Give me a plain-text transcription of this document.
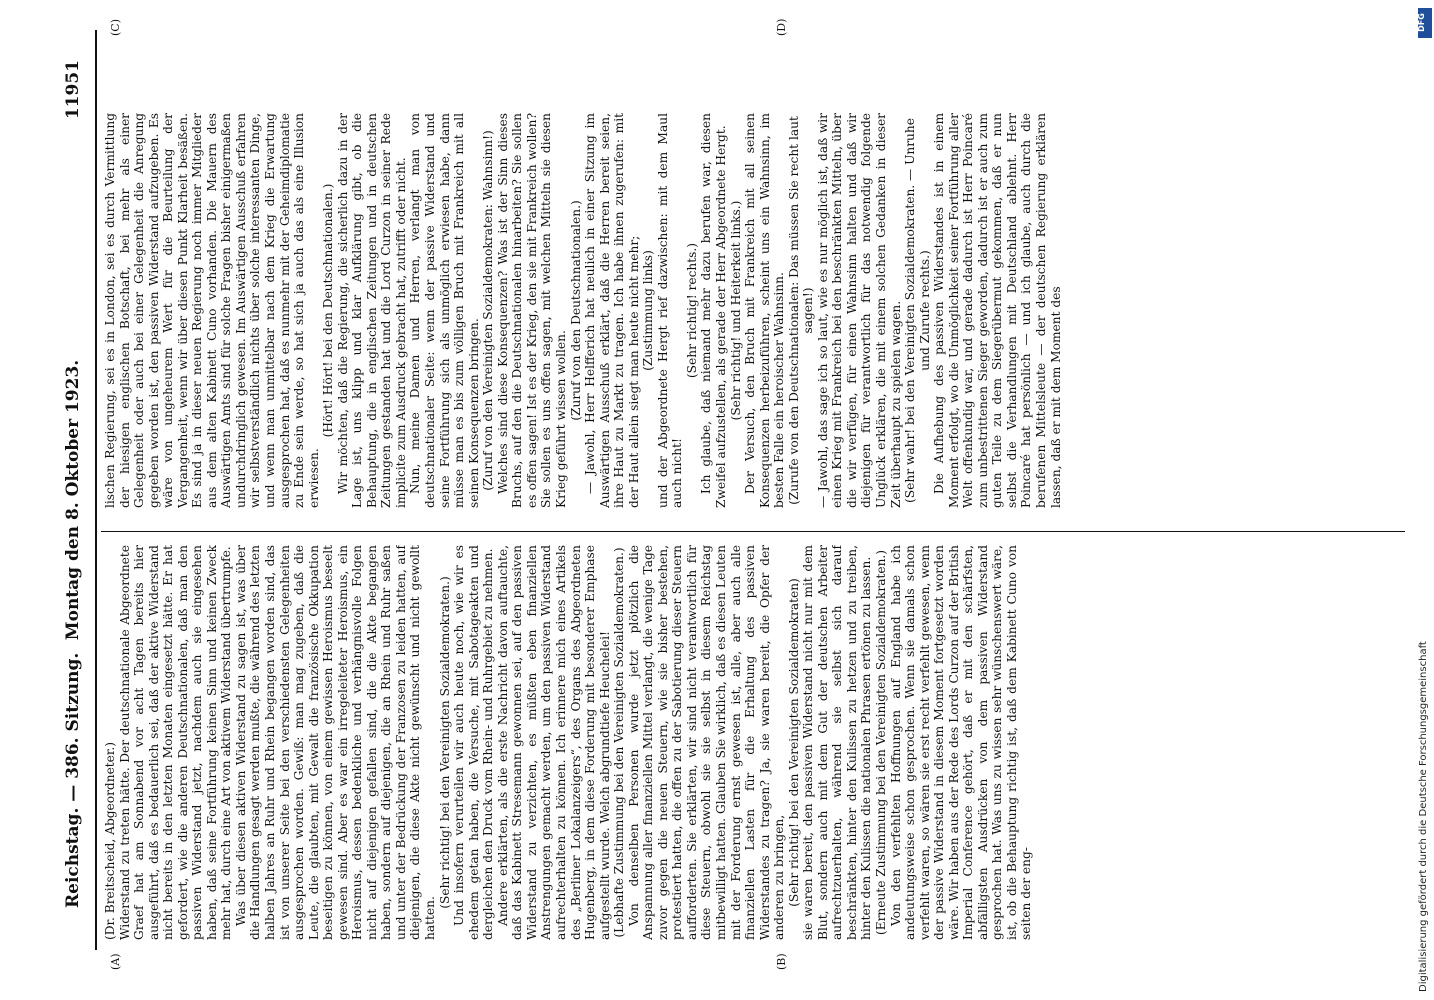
Reichstag. — 386. Sitzung.
Montag den 8. Oktober 1923.
11951
(A)	(B)
(C)	(D)

(Dr. Breitscheid, Abgeordneter.) Widerstand zu treten hätte. Der deutschnationale Abgeordnete Graef hat am Sonnabend vor acht Tagen bereits hier ausgeführt, daß es bedauerlich sei, daß der aktive Widerstand nicht bereits in den letzten Monaten eingesetzt hätte. Er hat gefordert, wie die anderen Deutschnationalen, daß man den passiven Widerstand jetzt, nachdem auch sie eingesehen haben, daß seine Fortführung keinen Sinn und keinen Zweck mehr hat, durch eine Art von aktivem Widerstand übertrumpfe. Was über diesen aktiven Widerstand zu sagen ist, was über die Handlungen gesagt werden mußte, die während des letzten halben Jahres an Ruhr und Rhein begangen worden sind, das ist von unserer Seite bei den verschiedensten Gelegenheiten ausgesprochen worden. Gewiß: man mag zugeben, daß die Leute, die glaubten, mit Gewalt die französische Okkupation beseitigen zu können, von einem gewissen Heroismus beseelt gewesen sind. Aber es war ein irregeleiteter Heroismus, ein Heroismus, dessen bedenkliche und verhängnisvolle Folgen nicht auf diejenigen gefallen sind, die die Akte begangen haben, sondern auf diejenigen, die an Rhein und Ruhr saßen und unter der Bedrückung der Franzosen zu leiden hatten, auf diejenigen, die diese Akte nicht gewünscht und nicht gewollt hatten.

(Sehr richtig! bei den Vereinigten Sozialdemokraten.) Und insofern verurteilen wir auch heute noch, wie wir es ehedem getan haben, die Versuche, mit Sabotageakten und dergleichen den Druck vom Rhein- und Ruhrgebiet zu nehmen. Andere erklärten, als die erste Nachricht davon auftauchte, daß das Kabinett Stresemann gewonnen sei, auf den passiven Widerstand zu verzichten, es müßten eben finanziellen Anstrengungen gemacht werden, um den passiven Widerstand aufrechterhalten zu können. Ich erinnere mich eines Artikels des „Berliner Lokalanzeigers“, des Organs des Abgeordneten Hugenberg, in dem diese Forderung mit besonderer Emphase aufgestellt wurde. Welch abgrundtiefe Heuchelei! (Lebhafte Zustimmung bei den Vereinigten Sozialdemokraten.) Von denselben Personen wurde jetzt plötzlich die Anspannung aller finanziellen Mittel verlangt, die wenige Tage zuvor gegen die neuen Steuern, wie sie bisher bestehen, protestiert hatten, die offen zu der Sabotierung dieser Steuern aufforderten. Sie erklärten, wir sind nicht verantwortlich für diese Steuern, obwohl sie sie selbst in diesem Reichstag mitbewilligt hatten. Glauben Sie wirklich, daß es diesen Leuten mit der Forderung ernst gewesen ist, alle, aber auch alle finanziellen Lasten für die Erhaltung des passiven Widerstandes zu tragen? Ja, sie waren bereit, die Opfer der anderen zu bringen, (Sehr richtig! bei den Vereinigten Sozialdemokraten) sie waren bereit, den passiven Widerstand nicht nur mit dem Blut, sondern auch mit dem Gut der deutschen Arbeiter aufrechtzuerhalten, während sie selbst sich darauf beschränkten, hinter den Kulissen zu hetzen und zu treiben, hinter den Kulissen die nationalen Phrasen ertönen zu lassen. (Erneute Zustimmung bei den Vereinigten Sozialdemokraten.) Von den verfehlten Hoffnungen auf England habe ich andeutungsweise schon gesprochen. Wenn sie damals schon verfehlt waren, so wären sie erst recht verfehlt gewesen, wenn der passive Widerstand in diesem Moment fortgesetzt worden wäre. Wir haben aus der Rede des Lords Curzon auf der British Imperial Conference gehört, daß er mit den schärfsten, abfälligsten Ausdrücken von dem passiven Widerstand gesprochen hat. Was uns zu wissen sehr wünschenswert wäre, ist, ob die Behauptung richtig ist, daß dem Kabinett Cuno von seiten der eng-

lischen Regierung, sei es in London, sei es durch Vermittlung der hiesigen englischen Botschaft, bei mehr als einer Gelegenheit oder auch bei einer Gelegenheit die Anregung gegeben worden ist, den passiven Widerstand aufzugeben. Es wäre von ungeheurem Wert für die Beurteilung der Vergangenheit, wenn wir über diesen Punkt Klarheit besäßen. Es sind ja in dieser neuen Regierung noch immer Mitglieder aus dem alten Kabinett Cuno vorhanden. Die Mauern des Auswärtigen Amts sind für solche Fragen bisher einigermaßen undurchdringlich gewesen. Im Auswärtigen Ausschuß erfahren wir selbstverständlich nichts über solche interessanten Dinge, und wenn man unmittelbar nach dem Krieg die Erwartung ausgesprochen hat, daß es nunmehr mit der Geheimdiplomatie zu Ende sein werde, so hat sich ja auch das als eine Illusion erwiesen.

(Hört! Hört! bei den Deutschnationalen.) Wir möchten, daß die Regierung, die sicherlich dazu in der Lage ist, uns klipp und klar Aufklärung gibt, ob die Behauptung, die in englischen Zeitungen und in deutschen Zeitungen gestanden hat und die Lord Curzon in seiner Rede implicite zum Ausdruck gebracht hat, zutrifft oder nicht. Nun, meine Damen und Herren, verlangt man von deutschnationaler Seite: wenn der passive Widerstand und seine Fortführung sich als unmöglich erwiesen habe, dann müsse man es bis zum völligen Bruch mit Frankreich mit all seinen Konsequenzen bringen. (Zuruf von den Vereinigten Sozialdemokraten: Wahnsinn!) Welches sind diese Konsequenzen? Was ist der Sinn dieses Bruchs, auf den die Deutschnationalen hinarbeiten? Sie sollen es offen sagen! Ist es der Krieg, den sie mit Frankreich wollen? Sie sollen es uns offen sagen, mit welchen Mitteln sie diesen Krieg geführt wissen wollen. (Zuruf von den Deutschnationalen.) — Jawohl, Herr Helfferich hat neulich in einer Sitzung im Auswärtigen Ausschuß erklärt, daß die Herren bereit seien, ihre Haut zu Markt zu tragen. Ich habe ihnen zugerufen: mit der Haut allein siegt man heute nicht mehr; (Zustimmung links) und der Abgeordnete Hergt rief dazwischen: mit dem Maul auch nicht!

(Sehr richtig! rechts.) Ich glaube, daß niemand mehr dazu berufen war, diesen Zweifel aufzustellen, als gerade der Herr Abgeordnete Hergt. (Sehr richtig! und Heiterkeit links.) Der Versuch, den Bruch mit Frankreich mit all seinen Konsequenzen herbeizuführen, scheint uns ein Wahnsinn, im besten Falle ein heroischer Wahnsinn. (Zurufe von den Deutschnationalen: Das müssen Sie recht laut sagen!) — Jawohl, das sage ich so laut, wie es nur möglich ist, daß wir einen Krieg mit Frankreich bei den beschränkten Mitteln, über die wir verfügen, für einen Wahnsinn halten und daß wir diejenigen für verantwortlich für das notwendig folgende Unglück erklären, die mit einem solchen Gedanken in dieser Zeit überhaupt zu spielen wagen. (Sehr wahr! bei den Vereinigten Sozialdemokraten. — Unruhe und Zurufe rechts.) Die Aufhebung des passiven Widerstandes ist in einem Moment erfolgt, wo die Unmöglichkeit seiner Fortführung aller Welt offenkundig war, und gerade dadurch ist Herr Poincaré zum unbestrittenen Sieger geworden, dadurch ist er auch zum guten Teile zu dem Siegerübermut gekommen, daß er nun selbst die Verhandlungen mit Deutschland ablehnt. Herr Poincaré hat persönlich — und ich glaube, auch durch die berufenen Mittelsleute — der deutschen Regierung erklären lassen, daß er mit dem Moment des

Digitalisierung gefördert durch die Deutsche Forschungsgemeinschaft
DFG
